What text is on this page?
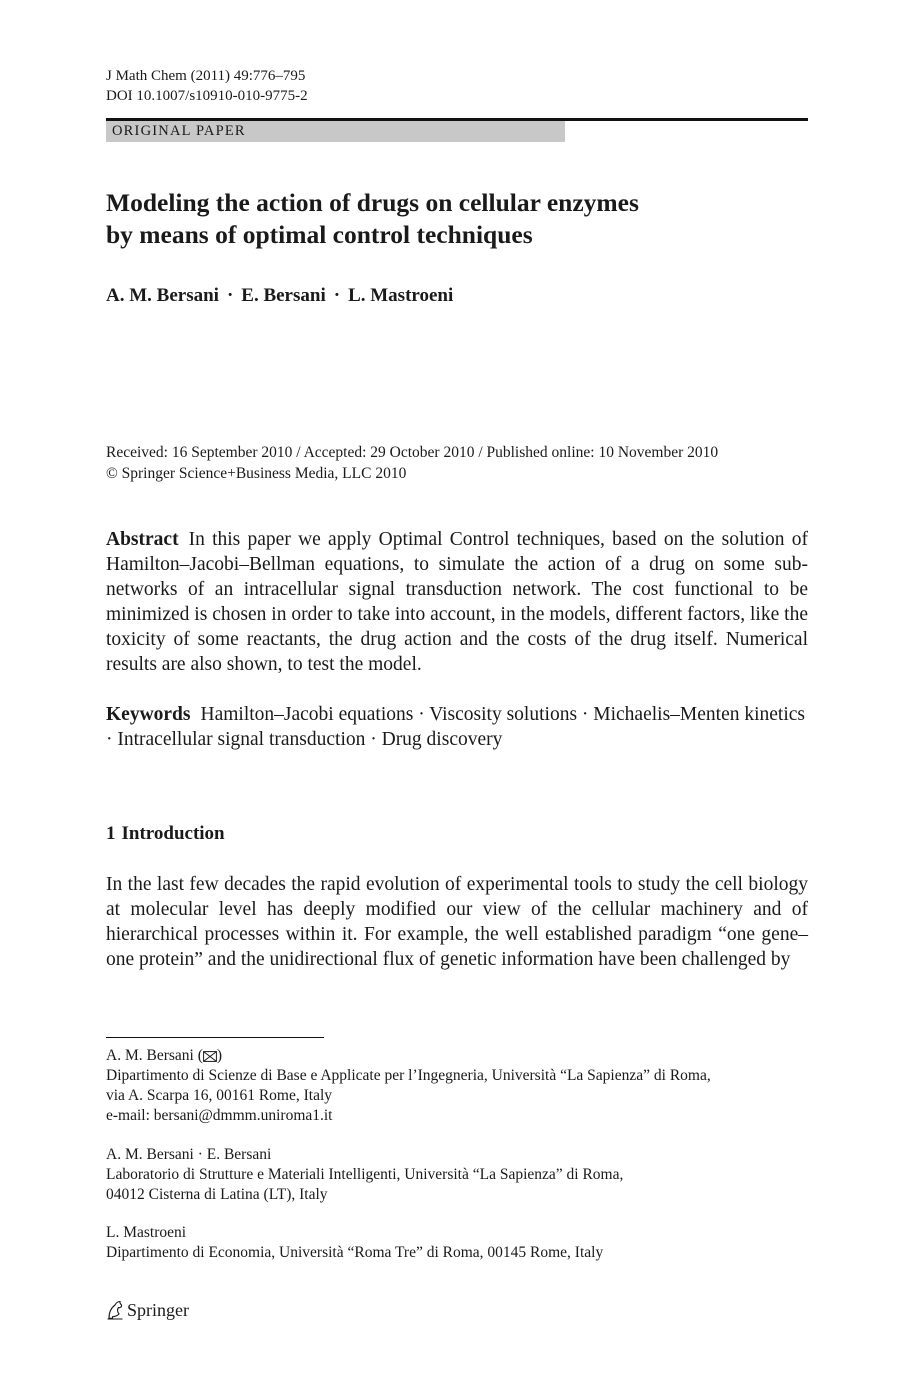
J Math Chem (2011) 49:776–795
DOI 10.1007/s10910-010-9775-2
ORIGINAL PAPER
Modeling the action of drugs on cellular enzymes
by means of optimal control techniques
A. M. Bersani · E. Bersani · L. Mastroeni
Received: 16 September 2010 / Accepted: 29 October 2010 / Published online: 10 November 2010
© Springer Science+Business Media, LLC 2010
Abstract In this paper we apply Optimal Control techniques, based on the solution of Hamilton–Jacobi–Bellman equations, to simulate the action of a drug on some sub-networks of an intracellular signal transduction network. The cost functional to be minimized is chosen in order to take into account, in the models, different factors, like the toxicity of some reactants, the drug action and the costs of the drug itself. Numerical results are also shown, to test the model.
Keywords Hamilton–Jacobi equations · Viscosity solutions · Michaelis–Menten kinetics · Intracellular signal transduction · Drug discovery
1 Introduction
In the last few decades the rapid evolution of experimental tools to study the cell biology at molecular level has deeply modified our view of the cellular machinery and of hierarchical processes within it. For example, the well established paradigm “one gene–one protein” and the unidirectional flux of genetic information have been challenged by
A. M. Bersani ( )
Dipartimento di Scienze di Base e Applicate per l’Ingegneria, Università “La Sapienza” di Roma,
via A. Scarpa 16, 00161 Rome, Italy
e-mail: bersani@dmmm.uniroma1.it
A. M. Bersani · E. Bersani
Laboratorio di Strutture e Materiali Intelligenti, Università “La Sapienza” di Roma,
04012 Cisterna di Latina (LT), Italy
L. Mastroeni
Dipartimento di Economia, Università “Roma Tre” di Roma, 00145 Rome, Italy
Springer
